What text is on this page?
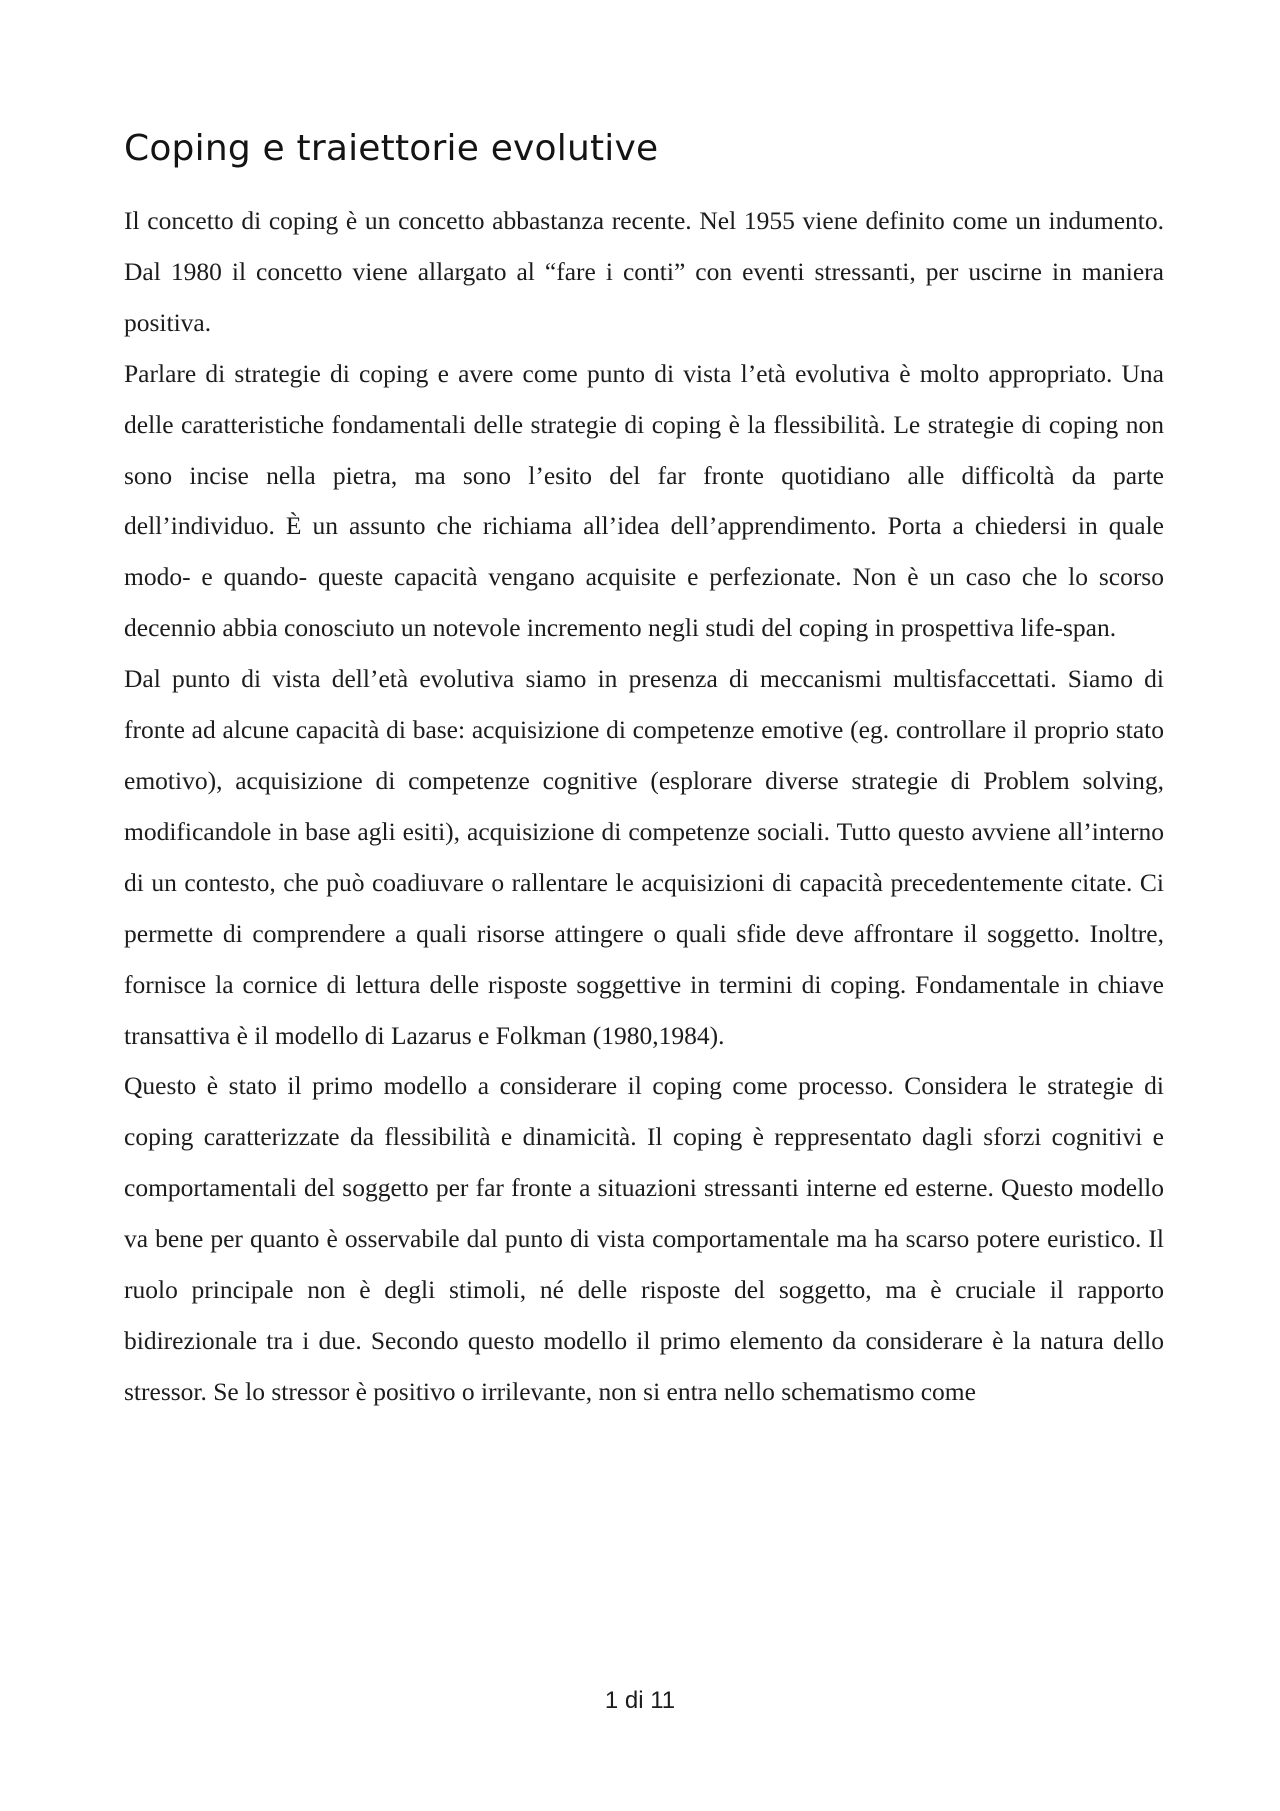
Coping e traiettorie evolutive

Il concetto di coping è un concetto abbastanza recente. Nel 1955 viene definito come un indumento. Dal 1980 il concetto viene allargato al “fare i conti” con eventi stressanti, per uscirne in maniera positiva.

Parlare di strategie di coping e avere come punto di vista l’età evolutiva è molto appropriato. Una delle caratteristiche fondamentali delle strategie di coping è la flessibilità. Le strategie di coping non sono incise nella pietra, ma sono l’esito del far fronte quotidiano alle difficoltà da parte dell’individuo. È un assunto che richiama all’idea dell’apprendimento. Porta a chiedersi in quale modo- e quando- queste capacità vengano acquisite e perfezionate. Non è un caso che lo scorso decennio abbia conosciuto un notevole incremento negli studi del coping in prospettiva life-span.

Dal punto di vista dell’età evolutiva siamo in presenza di meccanismi multisfaccettati. Siamo di fronte ad alcune capacità di base: acquisizione di competenze emotive (eg. controllare il proprio stato emotivo), acquisizione di competenze cognitive (esplorare diverse strategie di Problem solving, modificandole in base agli esiti), acquisizione di competenze sociali. Tutto questo avviene all’interno di un contesto, che può coadiuvare o rallentare le acquisizioni di capacità precedentemente citate. Ci permette di comprendere a quali risorse attingere o quali sfide deve affrontare il soggetto. Inoltre, fornisce la cornice di lettura delle risposte soggettive in termini di coping. Fondamentale in chiave transattiva è il modello di Lazarus e Folkman (1980,1984).

Questo è stato il primo modello a considerare il coping come processo. Considera le strategie di coping caratterizzate da flessibilità e dinamicità. Il coping è reppresentato dagli sforzi cognitivi e comportamentali del soggetto per far fronte a situazioni stressanti interne ed esterne. Questo modello va bene per quanto è osservabile dal punto di vista comportamentale ma ha scarso potere euristico. Il ruolo principale non è degli stimoli, né delle risposte del soggetto, ma è cruciale il rapporto bidirezionale tra i due. Secondo questo modello il primo elemento da considerare è la natura dello stressor. Se lo stressor è positivo o irrilevante, non si entra nello schematismo come

1 di 11
